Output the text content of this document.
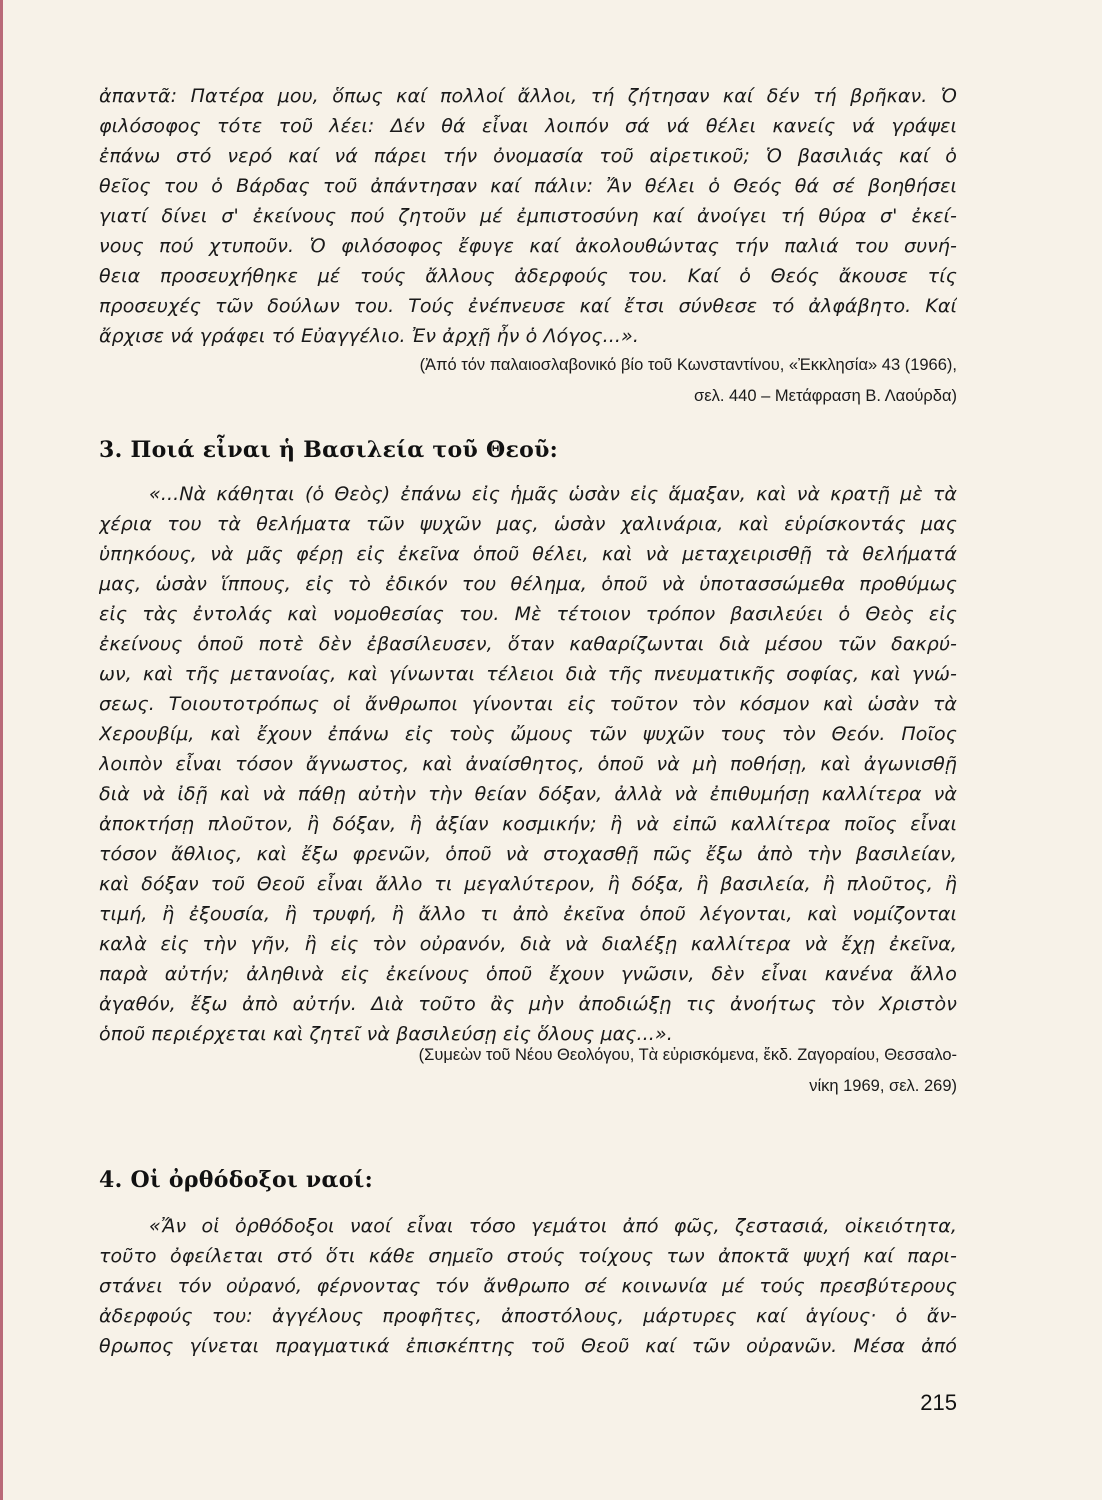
ἀπαντᾶ: Πατέρα μου, ὅπως καί πολλοί ἄλλοι, τή ζήτησαν καί δέν τή βρῆκαν. Ὁ
φιλόσοφος τότε τοῦ λέει: Δέν θά εἶναι λοιπόν σά νά θέλει κανείς νά γράψει
ἐπάνω στό νερό καί νά πάρει τήν ὀνομασία τοῦ αἱρετικοῦ; Ὁ βασιλιάς καί ὁ
θεῖος του ὁ Βάρδας τοῦ ἀπάντησαν καί πάλιν: Ἄν θέλει ὁ Θεός θά σέ βοηθήσει
γιατί δίνει σ' ἐκείνους πού ζητοῦν μέ ἐμπιστοσύνη καί ἀνοίγει τή θύρα σ' ἐκεί-
νους πού χτυποῦν. Ὁ φιλόσοφος ἔφυγε καί ἀκολουθώντας τήν παλιά του συνή-
θεια προσευχήθηκε μέ τούς ἄλλους ἀδερφούς του. Καί ὁ Θεός ἄκουσε τίς
προσευχές τῶν δούλων του. Τούς ἐνέπνευσε καί ἔτσι σύνθεσε τό ἀλφάβητο. Καί
ἄρχισε νά γράφει τό Εὐαγγέλιο. Ἐν ἀρχῇ ἦν ὁ Λόγος...».
(Ἀπό τόν παλαιοσλαβονικό βίο τοῦ Κωνσταντίνου, «Ἐκκλησία» 43 (1966),
σελ. 440 – Μετάφραση Β. Λαούρδα)
3. Ποιά εἶναι ἡ Βασιλεία τοῦ Θεοῦ:
«...Νὰ κάθηται (ὁ Θεὸς) ἐπάνω εἰς ἡμᾶς ὡσὰν εἰς ἅμαξαν, καὶ νὰ κρατῇ μὲ τὰ
χέρια του τὰ θελήματα τῶν ψυχῶν μας, ὡσὰν χαλινάρια, καὶ εὑρίσκοντάς μας
ὑπηκόους, νὰ μᾶς φέρῃ εἰς ἐκεῖνα ὁποῦ θέλει, καὶ νὰ μεταχειρισθῇ τὰ θελήματά
μας, ὡσὰν ἵππους, εἰς τὸ ἐδικόν του θέλημα, ὁποῦ νὰ ὑποτασσώμεθα προθύμως
εἰς τὰς ἐντολάς καὶ νομοθεσίας του. Μὲ τέτοιον τρόπον βασιλεύει ὁ Θεὸς εἰς
ἐκείνους ὁποῦ ποτὲ δὲν ἐβασίλευσεν, ὅταν καθαρίζωνται διὰ μέσου τῶν δακρύ-
ων, καὶ τῆς μετανοίας, καὶ γίνωνται τέλειοι διὰ τῆς πνευματικῆς σοφίας, καὶ γνώ-
σεως. Τοιουτοτρόπως οἱ ἄνθρωποι γίνονται εἰς τοῦτον τὸν κόσμον καὶ ὡσὰν τὰ
Χερουβίμ, καὶ ἔχουν ἐπάνω εἰς τοὺς ὤμους τῶν ψυχῶν τους τὸν Θεόν. Ποῖος
λοιπὸν εἶναι τόσον ἄγνωστος, καὶ ἀναίσθητος, ὁποῦ νὰ μὴ ποθήσῃ, καὶ ἀγωνισθῇ
διὰ νὰ ἰδῇ καὶ νὰ πάθῃ αὐτὴν τὴν θείαν δόξαν, ἀλλὰ νὰ ἐπιθυμήσῃ καλλίτερα νὰ
ἀποκτήσῃ πλοῦτον, ἢ δόξαν, ἢ ἀξίαν κοσμικήν; ἢ νὰ εἰπῶ καλλίτερα ποῖος εἶναι
τόσον ἄθλιος, καὶ ἔξω φρενῶν, ὁποῦ νὰ στοχασθῇ πῶς ἔξω ἀπὸ τὴν βασιλείαν,
καὶ δόξαν τοῦ Θεοῦ εἶναι ἄλλο τι μεγαλύτερον, ἢ δόξα, ἢ βασιλεία, ἢ πλοῦτος, ἢ
τιμή, ἢ ἐξουσία, ἢ τρυφή, ἢ ἄλλο τι ἀπὸ ἐκεῖνα ὁποῦ λέγονται, καὶ νομίζονται
καλὰ εἰς τὴν γῆν, ἢ εἰς τὸν οὐρανόν, διὰ νὰ διαλέξῃ καλλίτερα νὰ ἔχῃ ἐκεῖνα,
παρὰ αὐτήν; ἀληθινὰ εἰς ἐκείνους ὁποῦ ἔχουν γνῶσιν, δὲν εἶναι κανένα ἄλλο
ἀγαθόν, ἔξω ἀπὸ αὐτήν. Διὰ τοῦτο ἂς μὴν ἀποδιώξῃ τις ἀνοήτως τὸν Χριστὸν
ὁποῦ περιέρχεται καὶ ζητεῖ νὰ βασιλεύσῃ εἰς ὅλους μας...».
(Συμεὼν τοῦ Νέου Θεολόγου, Τὰ εὑρισκόμενα, ἔκδ. Ζαγοραίου, Θεσσαλο-
νίκη 1969, σελ. 269)
4. Οἱ ὀρθόδοξοι ναοί:
«Ἄν οἱ ὀρθόδοξοι ναοί εἶναι τόσο γεμάτοι ἀπό φῶς, ζεστασιά, οἰκειότητα,
τοῦτο ὀφείλεται στό ὅτι κάθε σημεῖο στούς τοίχους των ἀποκτᾶ ψυχή καί παρι-
στάνει τόν οὐρανό, φέρνοντας τόν ἄνθρωπο σέ κοινωνία μέ τούς πρεσβύτερους
ἀδερφούς του: ἀγγέλους προφῆτες, ἀποστόλους, μάρτυρες καί ἁγίους· ὁ ἄν-
θρωπος γίνεται πραγματικά ἐπισκέπτης τοῦ Θεοῦ καί τῶν οὐρανῶν. Μέσα ἀπό
215
